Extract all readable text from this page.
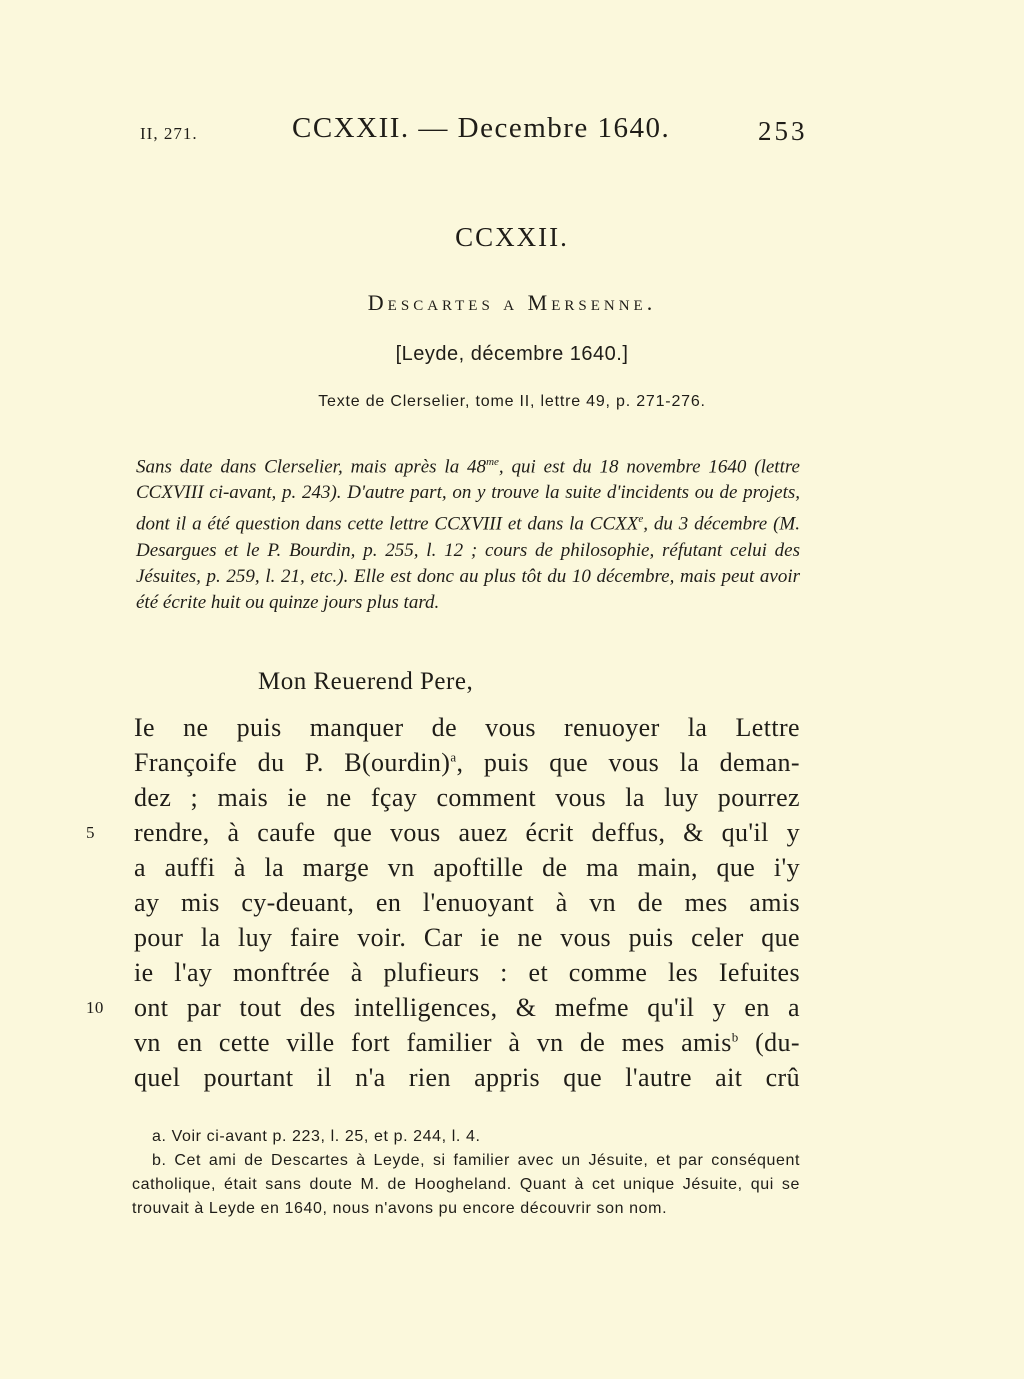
II, 271.	CCXXII. — Decembre 1640.	253
CCXXII.
Descartes a Mersenne.
[Leyde, décembre 1640.]
Texte de Clerselier, tome II, lettre 49, p. 271-276.

Sans date dans Clerselier, mais après la $48^{me}$, qui est du 18 novembre 1640 (lettre CCXVIII ci-avant, p. 243). D'autre part, on y trouve la suite d'incidents ou de projets, dont il a été question dans cette lettre CCXVIII et dans la CCXXe, du 3 décembre (M. Desargues et le P. Bourdin, p. 255, l. 12 ; cours de philosophie, réfutant celui des Jésuites, p. 259, l. 21, etc.). Elle est donc au plus tôt du 10 décembre, mais peut avoir été écrite huit ou quinze jours plus tard.

Mon Reuerend Pere,
Ie ne puis manquer de vous renuoyer la Lettre
Françoife du P. B(ourdin)$^a$, puis que vous la deman-
dez ; mais ie ne fçay comment vous la luy pourrez
5	rendre, à caufe que vous auez écrit deffus, & qu'il y
a auffi à la marge vn apoftille de ma main, que i'y
ay mis cy-deuant, en l'enuoyant à vn de mes amis
pour la luy faire voir. Car ie ne vous puis celer que
ie l'ay monftrée à plufieurs : et comme les Iefuites
10 ont par tout des intelligences, & mefme qu'il y en a
vn en cette ville fort familier à vn de mes amis$^b$ (du-
quel pourtant il n'a rien appris que l'autre ait crû
a. Voir ci-avant p. 223, l. 25, et p. 244, l. 4.
b. Cet ami de Descartes à Leyde, si familier avec un Jésuite, et par conséquent catholique, était sans doute M. de Hoogheland. Quant à cet unique Jésuite, qui se trouvait à Leyde en 1640, nous n'avons pu encore découvrir son nom.
